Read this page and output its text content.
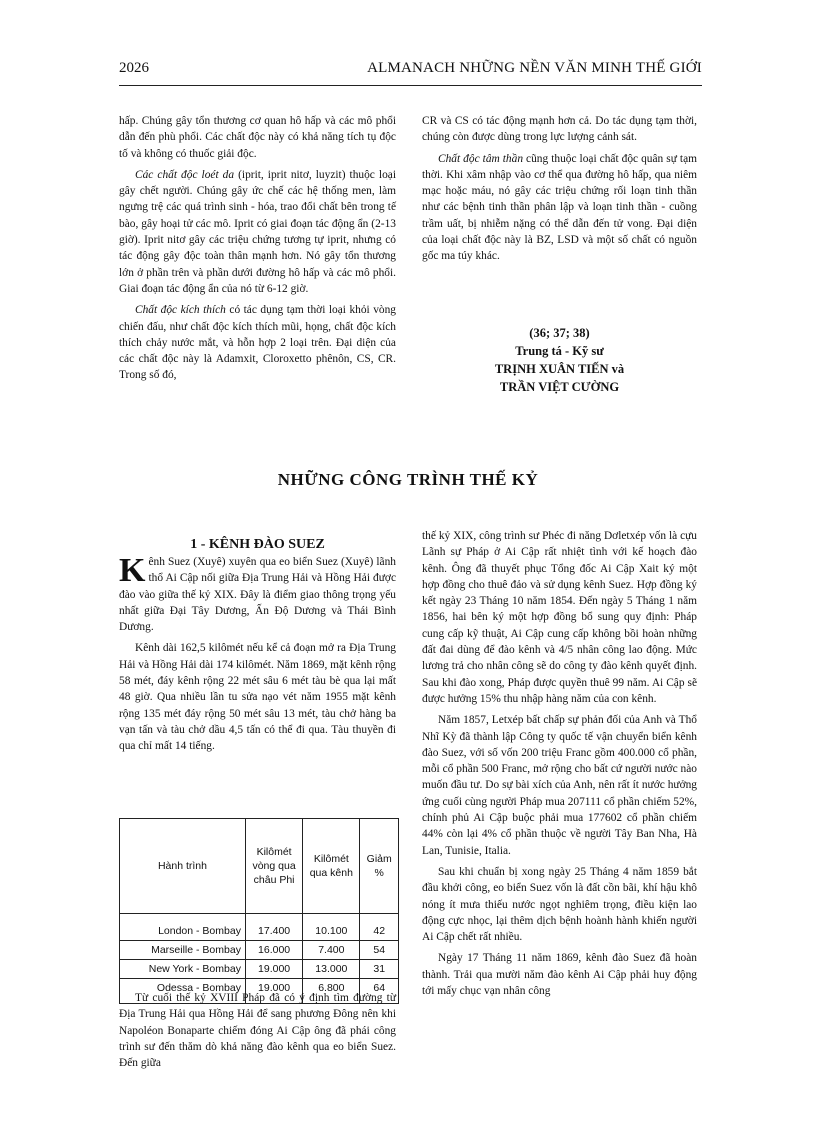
2026	ALMANACH NHỮNG NỀN VĂN MINH THẾ GIỚI

hấp. Chúng gây tổn thương cơ quan hô hấp và các mô phổi dẫn đến phù phổi. Các chất độc này có khả năng tích tụ độc tố và không có thuốc giải độc.

Các chất độc loét da (iprit, iprit nitơ, luyzit) thuộc loại gây chết người. Chúng gây ức chế các hệ thống men, làm ngưng trệ các quá trình sinh - hóa, trao đổi chất bên trong tế bào, gây hoại tử các mô. Iprit có giai đoạn tác động ẩn (2-13 giờ). Iprit nitơ gây các triệu chứng tương tự iprit, nhưng có tác động gây độc toàn thân mạnh hơn. Nó gây tổn thương lớn ở phần trên và phần dưới đường hô hấp và các mô phổi. Giai đoạn tác động ẩn của nó từ 6-12 giờ.

Chất độc kích thích có tác dụng tạm thời loại khỏi vòng chiến đấu, như chất độc kích thích mũi, họng, chất độc kích thích chảy nước mắt, và hỗn hợp 2 loại trên. Đại diện của các chất độc này là Adamxit, Cloroxetto phênôn, CS, CR. Trong số đó,

CR và CS có tác động mạnh hơn cả. Do tác dụng tạm thời, chúng còn được dùng trong lực lượng cảnh sát.

Chất độc tâm thần cũng thuộc loại chất độc quân sự tạm thời. Khi xâm nhập vào cơ thể qua đường hô hấp, qua niêm mạc hoặc máu, nó gây các triệu chứng rối loạn tinh thần như các bệnh tinh thần phân lập và loạn tinh thần - cuồng trầm uất, bị nhiễm nặng có thể dẫn đến tử vong. Đại diện của loại chất độc này là BZ, LSD và một số chất có nguồn gốc ma túy khác.

(36; 37; 38)
Trung tá - Kỹ sư
TRỊNH XUÂN TIẾN và
TRẦN VIỆT CƯỜNG
NHỮNG CÔNG TRÌNH THẾ KỶ
1 - KÊNH ĐÀO SUEZ

Kênh Suez (Xuyê) xuyên qua eo biển Suez (Xuyê) lãnh thổ Ai Cập nối giữa Địa Trung Hải và Hồng Hải được đào vào giữa thế kỷ XIX. Đây là điểm giao thông trọng yếu nhất giữa Đại Tây Dương, Ấn Độ Dương và Thái Bình Dương.

Kênh dài 162,5 kilômét nếu kể cả đoạn mở ra Địa Trung Hải và Hồng Hải dài 174 kilômét. Năm 1869, mặt kênh rộng 58 mét, đáy kênh rộng 22 mét sâu 6 mét tàu bè qua lại mất 48 giờ. Qua nhiều lần tu sửa nạo vét năm 1955 mặt kênh rộng 135 mét đáy rộng 50 mét sâu 13 mét, tàu chở hàng ba vạn tấn và tàu chở dầu 4,5 tấn có thể đi qua. Tàu thuyền đi qua chỉ mất 14 tiếng.

Hành trình	Kilômét vòng qua châu Phi	Kilômét qua kênh	Giảm %
London - Bombay	17.400	10.100	42
Marseille - Bombay	16.000	7.400	54
New York - Bombay	19.000	13.000	31
Odessa - Bombay	19.000	6.800	64

Từ cuối thế kỷ XVIII Pháp đã có ý định tìm đường từ Địa Trung Hải qua Hồng Hải để sang phương Đông nên khi Napoléon Bonaparte chiếm đóng Ai Cập ông đã phái công trình sư đến thăm dò khả năng đào kênh qua eo biển Suez. Đến giữa

thế kỷ XIX, công trình sư Phéc đi năng Dơletxép vốn là cựu Lãnh sự Pháp ở Ai Cập rất nhiệt tình với kế hoạch đào kênh. Ông đã thuyết phục Tổng đốc Ai Cập Xait ký một hợp đồng cho thuê đảo và sử dụng kênh Suez. Hợp đồng ký kết ngày 23 Tháng 10 năm 1854. Đến ngày 5 Tháng 1 năm 1856, hai bên ký một hợp đồng bổ sung quy định: Pháp cung cấp kỹ thuật, Ai Cập cung cấp không bồi hoàn những đất đai dùng để đào kênh và 4/5 nhân công lao động. Mức lương trả cho nhân công sẽ do công ty đào kênh quyết định. Sau khi đào xong, Pháp được quyền thuê 99 năm. Ai Cập sẽ được hưởng 15% thu nhập hàng năm của con kênh.

Năm 1857, Letxép bất chấp sự phản đối của Anh và Thổ Nhĩ Kỳ đã thành lập Công ty quốc tế vận chuyển biển kênh đào Suez, với số vốn 200 triệu Franc gồm 400.000 cổ phần, mỗi cổ phần 500 Franc, mở rộng cho bất cứ người nước nào muốn đầu tư. Do sự bài xích của Anh, nên rất ít nước hưởng ứng cuối cùng người Pháp mua 207111 cổ phần chiếm 52%, chính phủ Ai Cập buộc phải mua 177602 cổ phần chiếm 44% còn lại 4% cổ phần thuộc về người Tây Ban Nha, Hà Lan, Tunisie, Italia.

Sau khi chuẩn bị xong ngày 25 Tháng 4 năm 1859 bắt đầu khởi công, eo biển Suez vốn là đất cồn bãi, khí hậu khô nóng ít mưa thiếu nước ngọt nghiêm trọng, điều kiện lao động cực nhọc, lại thêm dịch bệnh hoành hành khiến người Ai Cập chết rất nhiều.

Ngày 17 Tháng 11 năm 1869, kênh đào Suez đã hoàn thành. Trải qua mười năm đào kênh Ai Cập phải huy động tới mấy chục vạn nhân công
